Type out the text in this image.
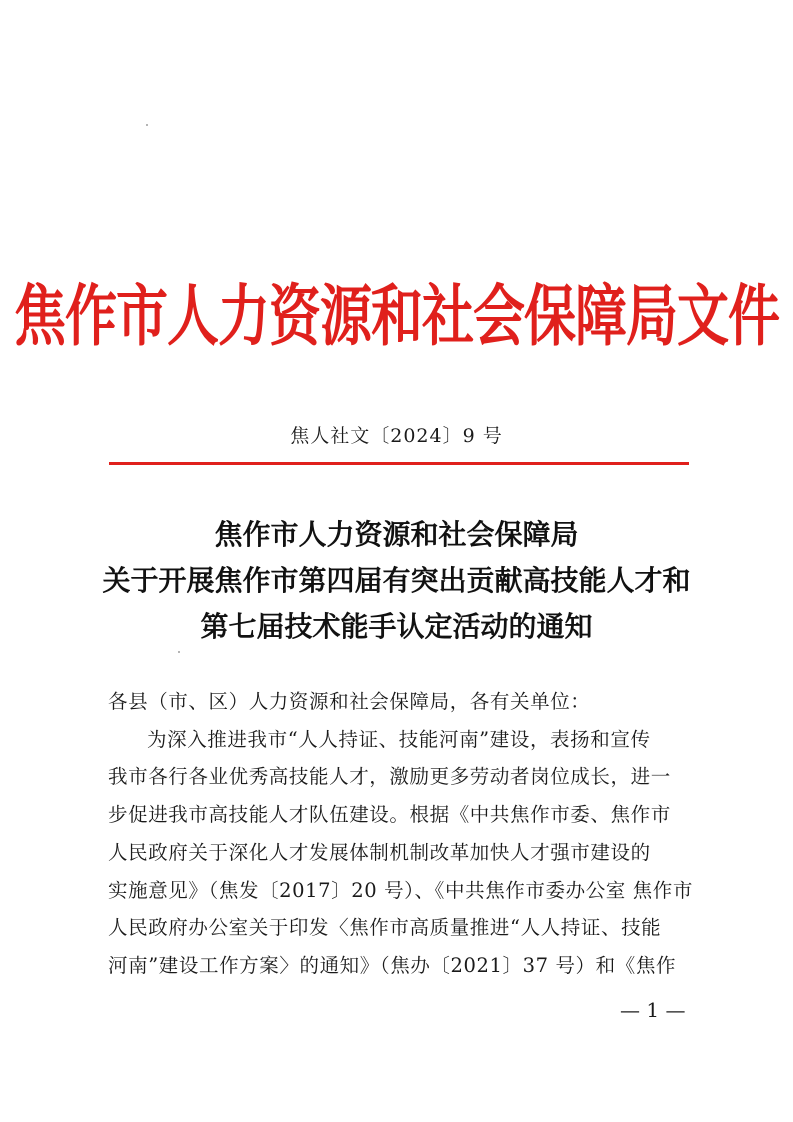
焦作市人力资源和社会保障局文件
焦人社文〔2024〕9 号
焦作市人力资源和社会保障局
关于开展焦作市第四届有突出贡献高技能人才和
第七届技术能手认定活动的通知
各县（市、区）人力资源和社会保障局，各有关单位：
为深入推进我市“人人持证、技能河南”建设，表扬和宣传
我市各行各业优秀高技能人才，激励更多劳动者岗位成长，进一
步促进我市高技能人才队伍建设。根据《中共焦作市委、焦作市
人民政府关于深化人才发展体制机制改革加快人才强市建设的
实施意见》（焦发〔2017〕20 号）、《中共焦作市委办公室 焦作市
人民政府办公室关于印发〈焦作市高质量推进“人人持证、技能
河南”建设工作方案〉的通知》（焦办〔2021〕37 号）和《焦作
— 1 —
